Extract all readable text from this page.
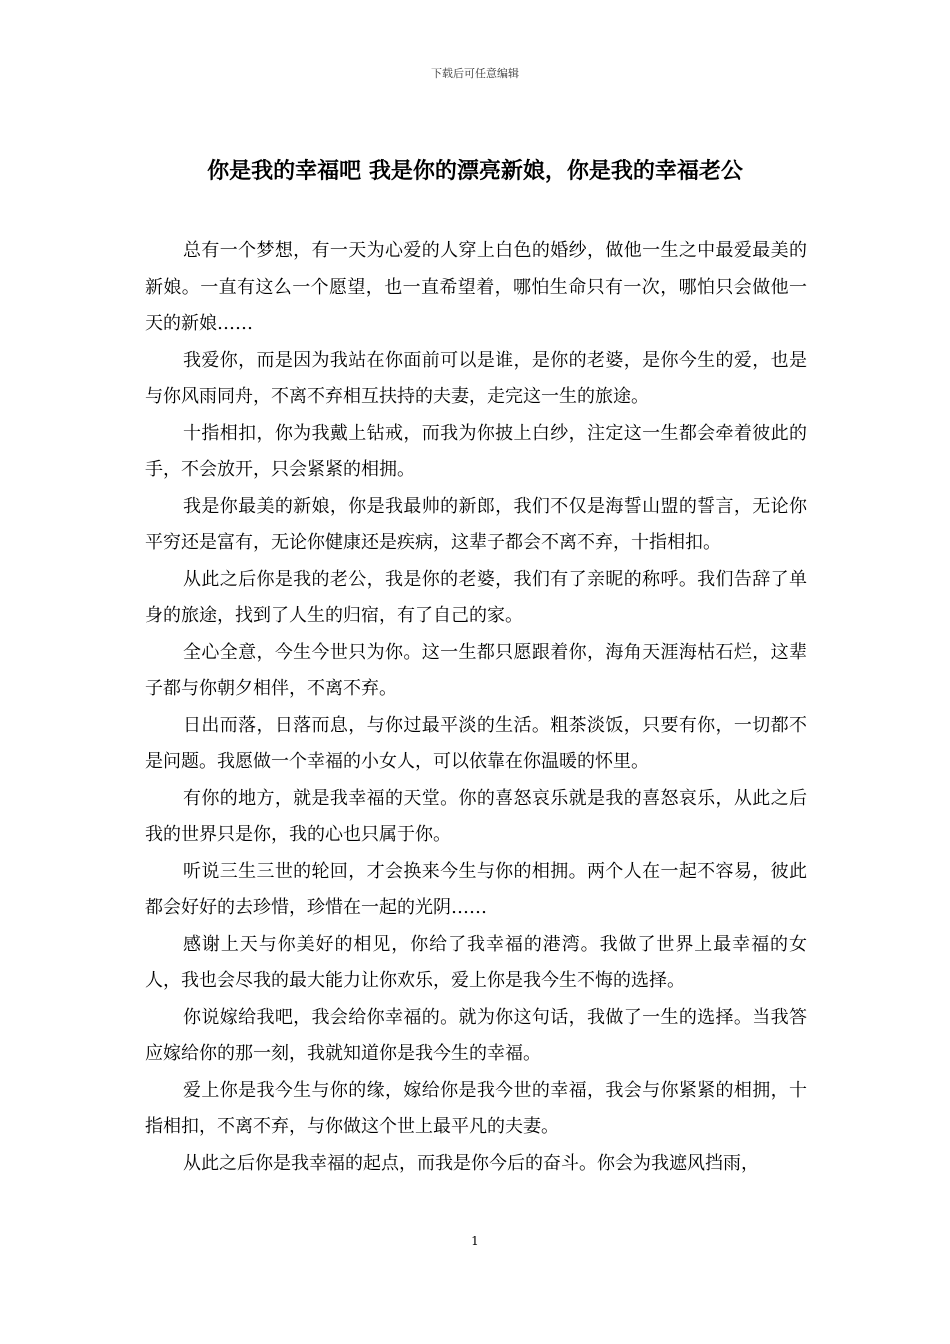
下载后可任意编辑
你是我的幸福吧 我是你的漂亮新娘，你是我的幸福老公

总有一个梦想，有一天为心爱的人穿上白色的婚纱，做他一生之中最爱最美的新娘。一直有这么一个愿望，也一直希望着，哪怕生命只有一次，哪怕只会做他一天的新娘……

我爱你，而是因为我站在你面前可以是谁，是你的老婆，是你今生的爱，也是与你风雨同舟，不离不弃相互扶持的夫妻，走完这一生的旅途。

十指相扣，你为我戴上钻戒，而我为你披上白纱，注定这一生都会牵着彼此的手，不会放开，只会紧紧的相拥。

我是你最美的新娘，你是我最帅的新郎，我们不仅是海誓山盟的誓言，无论你平穷还是富有，无论你健康还是疾病，这辈子都会不离不弃，十指相扣。

从此之后你是我的老公，我是你的老婆，我们有了亲昵的称呼。我们告辞了单身的旅途，找到了人生的归宿，有了自己的家。

全心全意，今生今世只为你。这一生都只愿跟着你，海角天涯海枯石烂，这辈子都与你朝夕相伴，不离不弃。

日出而落，日落而息，与你过最平淡的生活。粗茶淡饭，只要有你，一切都不是问题。我愿做一个幸福的小女人，可以依靠在你温暖的怀里。

有你的地方，就是我幸福的天堂。你的喜怒哀乐就是我的喜怒哀乐，从此之后我的世界只是你，我的心也只属于你。

听说三生三世的轮回，才会换来今生与你的相拥。两个人在一起不容易，彼此都会好好的去珍惜，珍惜在一起的光阴……

感谢上天与你美好的相见，你给了我幸福的港湾。我做了世界上最幸福的女人，我也会尽我的最大能力让你欢乐，爱上你是我今生不悔的选择。

你说嫁给我吧，我会给你幸福的。就为你这句话，我做了一生的选择。当我答应嫁给你的那一刻，我就知道你是我今生的幸福。

爱上你是我今生与你的缘，嫁给你是我今世的幸福，我会与你紧紧的相拥，十指相扣，不离不弃，与你做这个世上最平凡的夫妻。

从此之后你是我幸福的起点，而我是你今后的奋斗。你会为我遮风挡雨，

1
